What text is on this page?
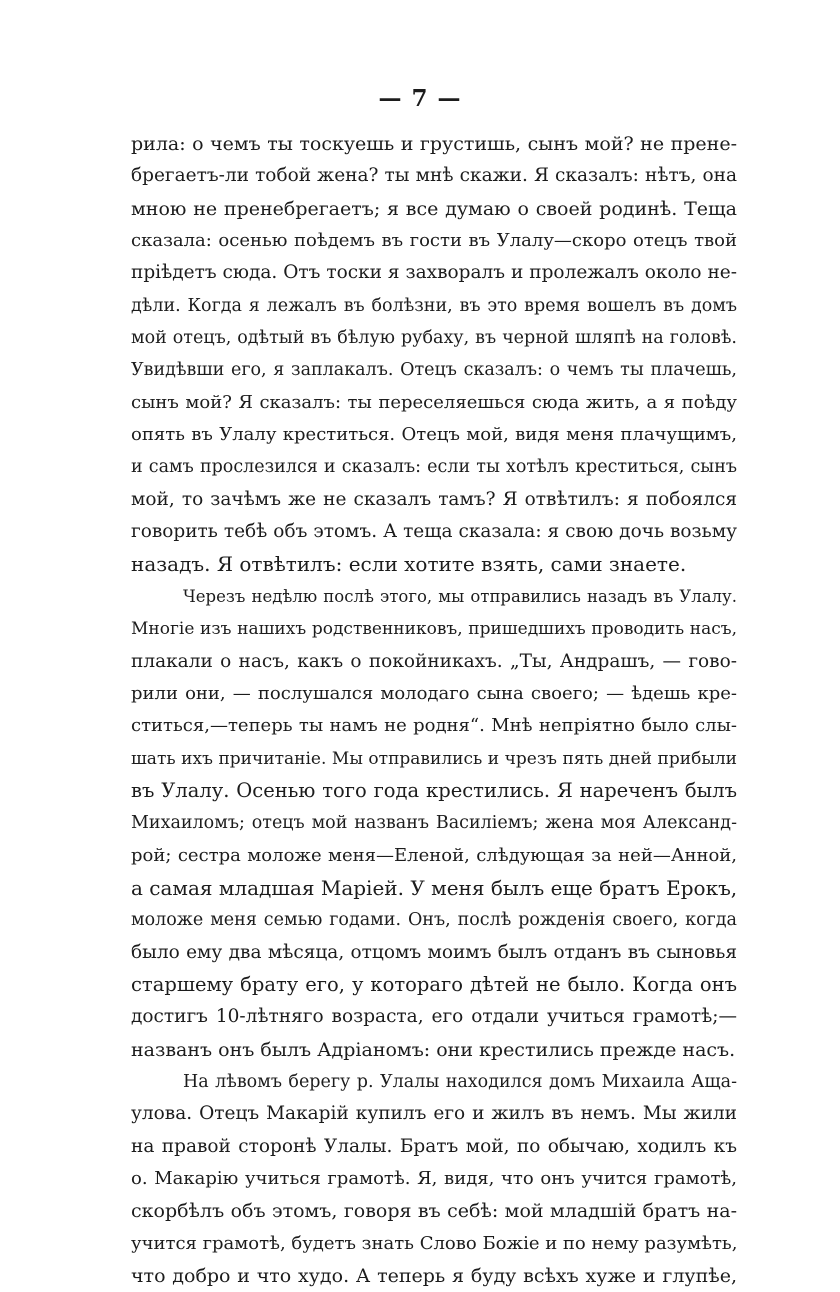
— 7 —
рила: о чемъ ты тоскуешь и грустишь, сынъ мой? не прене-
брегаетъ-ли тобой жена? ты мнѣ скажи. Я сказалъ: нѣтъ, она
мною не пренебрегаетъ; я все думаю о своей родинѣ. Теща
сказала: осенью поѣдемъ въ гости въ Улалу—скоро отецъ твой
пріѣдетъ сюда. Отъ тоски я захворалъ и пролежалъ около не-
дѣли. Когда я лежалъ въ болѣзни, въ это время вошелъ въ домъ
мой отецъ, одѣтый въ бѣлую рубаху, въ черной шляпѣ на головѣ.
Увидѣвши его, я заплакалъ. Отецъ сказалъ: о чемъ ты плачешь,
сынъ мой? Я сказалъ: ты переселяешься сюда жить, а я поѣду
опять въ Улалу креститься. Отецъ мой, видя меня плачущимъ,
и самъ прослезился и сказалъ: если ты хотѣлъ креститься, сынъ
мой, то зачѣмъ же не сказалъ тамъ? Я отвѣтилъ: я побоялся
говорить тебѣ объ этомъ. А теща сказала: я свою дочь возьму
назадъ. Я отвѣтилъ: если хотите взять, сами знаете.
Черезъ недѣлю послѣ этого, мы отправились назадъ въ Улалу.
Многіе изъ нашихъ родственниковъ, пришедшихъ проводить насъ,
плакали о насъ, какъ о покойникахъ. „Ты, Андрашъ, — гово-
рили они, — послушался молодаго сына своего; — ѣдешь кре-
ститься,—теперь ты намъ не родня“. Мнѣ непріятно было слы-
шать ихъ причитаніе. Мы отправились и чрезъ пять дней прибыли
въ Улалу. Осенью того года крестились. Я нареченъ былъ
Михаиломъ; отецъ мой названъ Василіемъ; жена моя Александ-
рой; сестра моложе меня—Еленой, слѣдующая за ней—Анной,
а самая младшая Маріей. У меня былъ еще братъ Ерокъ,
моложе меня семью годами. Онъ, послѣ рожденія своего, когда
было ему два мѣсяца, отцомъ моимъ былъ отданъ въ сыновья
старшему брату его, у котораго дѣтей не было. Когда онъ
достигъ 10-лѣтняго возраста, его отдали учиться грамотѣ;—
названъ онъ былъ Адріаномъ: они крестились прежде насъ.
На лѣвомъ берегу р. Улалы находился домъ Михаила Ащa-
улова. Отецъ Макарій купилъ его и жилъ въ немъ. Мы жили
на правой сторонѣ Улалы. Братъ мой, по обычаю, ходилъ къ
о. Макарію учиться грамотѣ. Я, видя, что онъ учится грамотѣ,
скорбѣлъ объ этомъ, говоря въ себѣ: мой младшій братъ на-
учится грамотѣ, будетъ знать Слово Божіе и по нему разумѣть,
что добро и что худо. А теперь я буду всѣхъ хуже и глупѣе,
